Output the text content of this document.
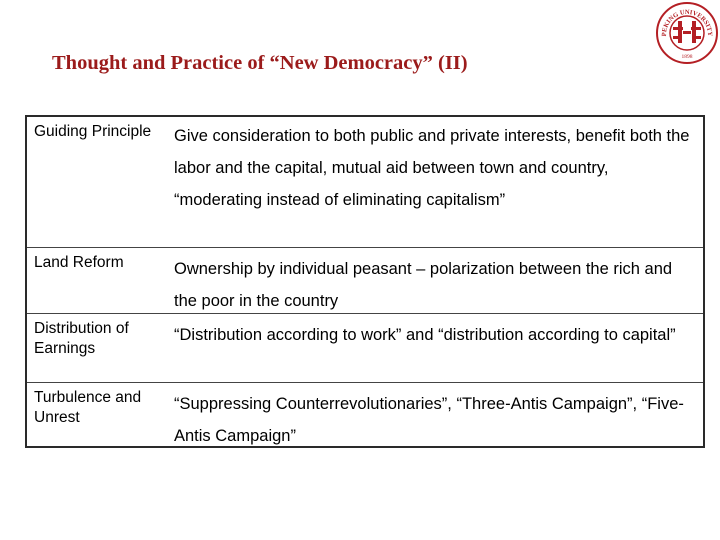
Thought and Practice of “New Democracy” (II)
PEKING UNIVERSITY
1898
Guiding Principle	Give consideration to both public and private interests, benefit both the labor and the capital, mutual aid between town and country, “moderating instead of eliminating capitalism”
Land Reform	Ownership by individual peasant – polarization between the rich and the poor in the country
Distribution of Earnings
“Distribution according to work” and “distribution according to capital”
Turbulence and Unrest
“Suppressing Counterrevolutionaries”, “Three-Antis Campaign”, “Five-Antis Campaign”
